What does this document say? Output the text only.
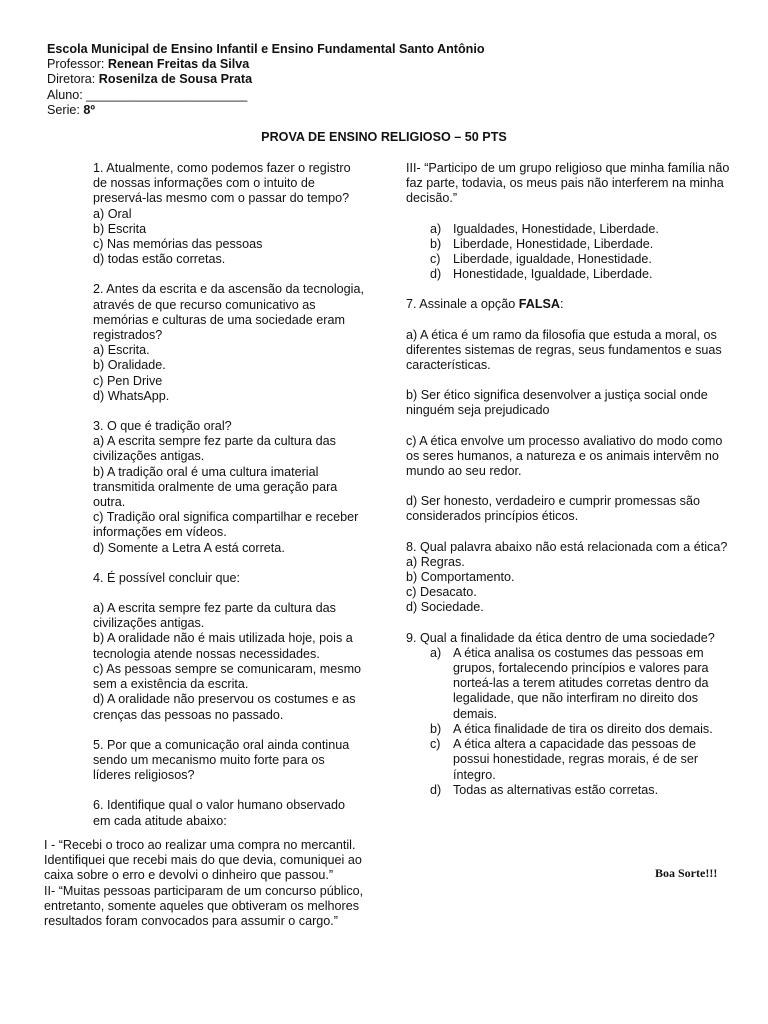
Escola Municipal de Ensino Infantil e Ensino Fundamental Santo Antônio
Professor: Renean Freitas da Silva
Diretora: Rosenilza de Sousa Prata
Aluno: _______________________
Serie: 8º
PROVA DE ENSINO RELIGIOSO – 50 PTS

1. Atualmente, como podemos fazer o registro de nossas informações com o intuito de preservá-las mesmo com o passar do tempo?

a) Oral

b) Escrita

c) Nas memórias das pessoas

d) todas estão corretas.

2. Antes da escrita e da ascensão da tecnologia, através de que recurso comunicativo as memórias e culturas de uma sociedade eram registrados?

a) Escrita.

b) Oralidade.

c) Pen Drive

d) WhatsApp.

3. O que é tradição oral?

a) A escrita sempre fez parte da cultura das civilizações antigas.

b) A tradição oral é uma cultura imaterial transmitida oralmente de uma geração para outra.

c) Tradição oral significa compartilhar e receber informações em vídeos.

d) Somente a Letra A está correta.

4. É possível concluir que:

a) A escrita sempre fez parte da cultura das civilizações antigas.

b) A oralidade não é mais utilizada hoje, pois a tecnologia atende nossas necessidades.

c) As pessoas sempre se comunicaram, mesmo sem a existência da escrita.

d) A oralidade não preservou os costumes e as crenças das pessoas no passado.

5. Por que a comunicação oral ainda continua sendo um mecanismo muito forte para os líderes religiosos?

6. Identifique qual o valor humano observado em cada atitude abaixo:

I - “Recebi o troco ao realizar uma compra no mercantil. Identifiquei que recebi mais do que devia, comuniquei ao caixa sobre o erro e devolvi o dinheiro que passou.”

II- “Muitas pessoas participaram de um concurso público, entretanto, somente aqueles que obtiveram os melhores resultados foram convocados para assumir o cargo.”

III- “Participo de um grupo religioso que minha família não faz parte, todavia, os meus pais não interferem na minha decisão.”

a) Igualdades, Honestidade, Liberdade.
b) Liberdade, Honestidade, Liberdade.
c) Liberdade, igualdade, Honestidade.
d) Honestidade, Igualdade, Liberdade.

7. Assinale a opção FALSA:

a) A ética é um ramo da filosofia que estuda a moral, os diferentes sistemas de regras, seus fundamentos e suas características.

b) Ser ético significa desenvolver a justiça social onde ninguém seja prejudicado

c) A ética envolve um processo avaliativo do modo como os seres humanos, a natureza e os animais intervêm no mundo ao seu redor.

d) Ser honesto, verdadeiro e cumprir promessas são considerados princípios éticos.

8. Qual palavra abaixo não está relacionada com a ética?

a) Regras.

b) Comportamento.

c) Desacato.

d) Sociedade.

9. Qual a finalidade da ética dentro de uma sociedade?

a) A ética analisa os costumes das pessoas em grupos, fortalecendo princípios e valores para norteá-las a terem atitudes corretas dentro da legalidade, que não interfiram no direito dos demais.
b) A ética finalidade de tira os direito dos demais.
c) A ética altera a capacidade das pessoas de possui honestidade, regras morais, é de ser íntegro.
d) Todas as alternativas estão corretas.
Boa Sorte!!!
